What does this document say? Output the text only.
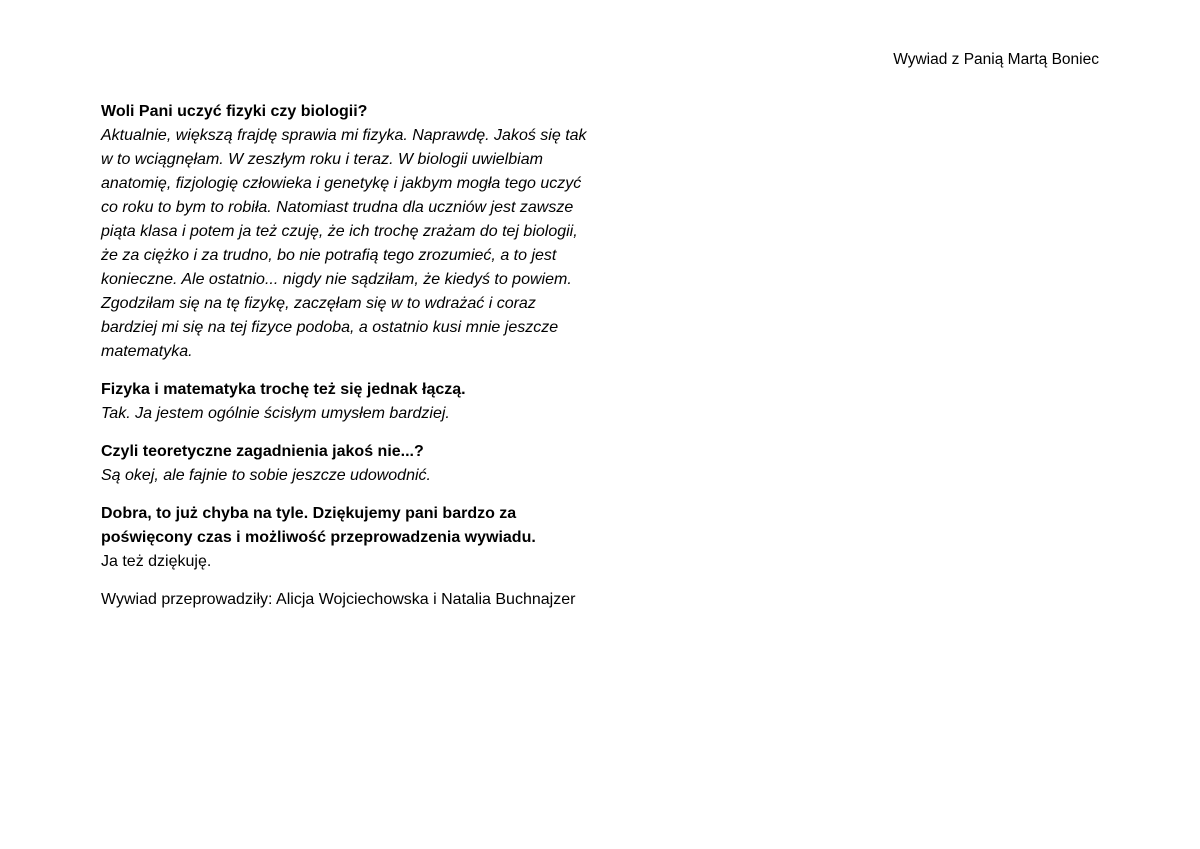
Wywiad z Panią Martą Boniec
Woli Pani uczyć fizyki czy biologii?
Aktualnie, większą frajdę sprawia mi fizyka. Naprawdę. Jakoś się tak
w to wciągnęłam. W zeszłym roku i teraz. W biologii uwielbiam
anatomię, fizjologię człowieka i genetykę i jakbym mogła tego uczyć
co roku to bym to robiła. Natomiast trudna dla uczniów jest zawsze
piąta klasa i potem ja też czuję, że ich trochę zrażam do tej biologii,
że za ciężko i za trudno, bo nie potrafią tego zrozumieć, a to jest
konieczne. Ale ostatnio... nigdy nie sądziłam, że kiedyś to powiem.
Zgodziłam się na tę fizykę, zaczęłam się w to wdrażać i coraz
bardziej mi się na tej fizyce podoba, a ostatnio kusi mnie jeszcze
matematyka.
Fizyka i matematyka trochę też się jednak łączą.
Tak. Ja jestem ogólnie ścisłym umysłem bardziej.
Czyli teoretyczne zagadnienia jakoś nie...?
Są okej, ale fajnie to sobie jeszcze udowodnić.
Dobra, to już chyba na tyle. Dziękujemy pani bardzo za
poświęcony czas i możliwość przeprowadzenia wywiadu.
Ja też dziękuję.
Wywiad przeprowadziły: Alicja Wojciechowska i Natalia Buchnajzer
